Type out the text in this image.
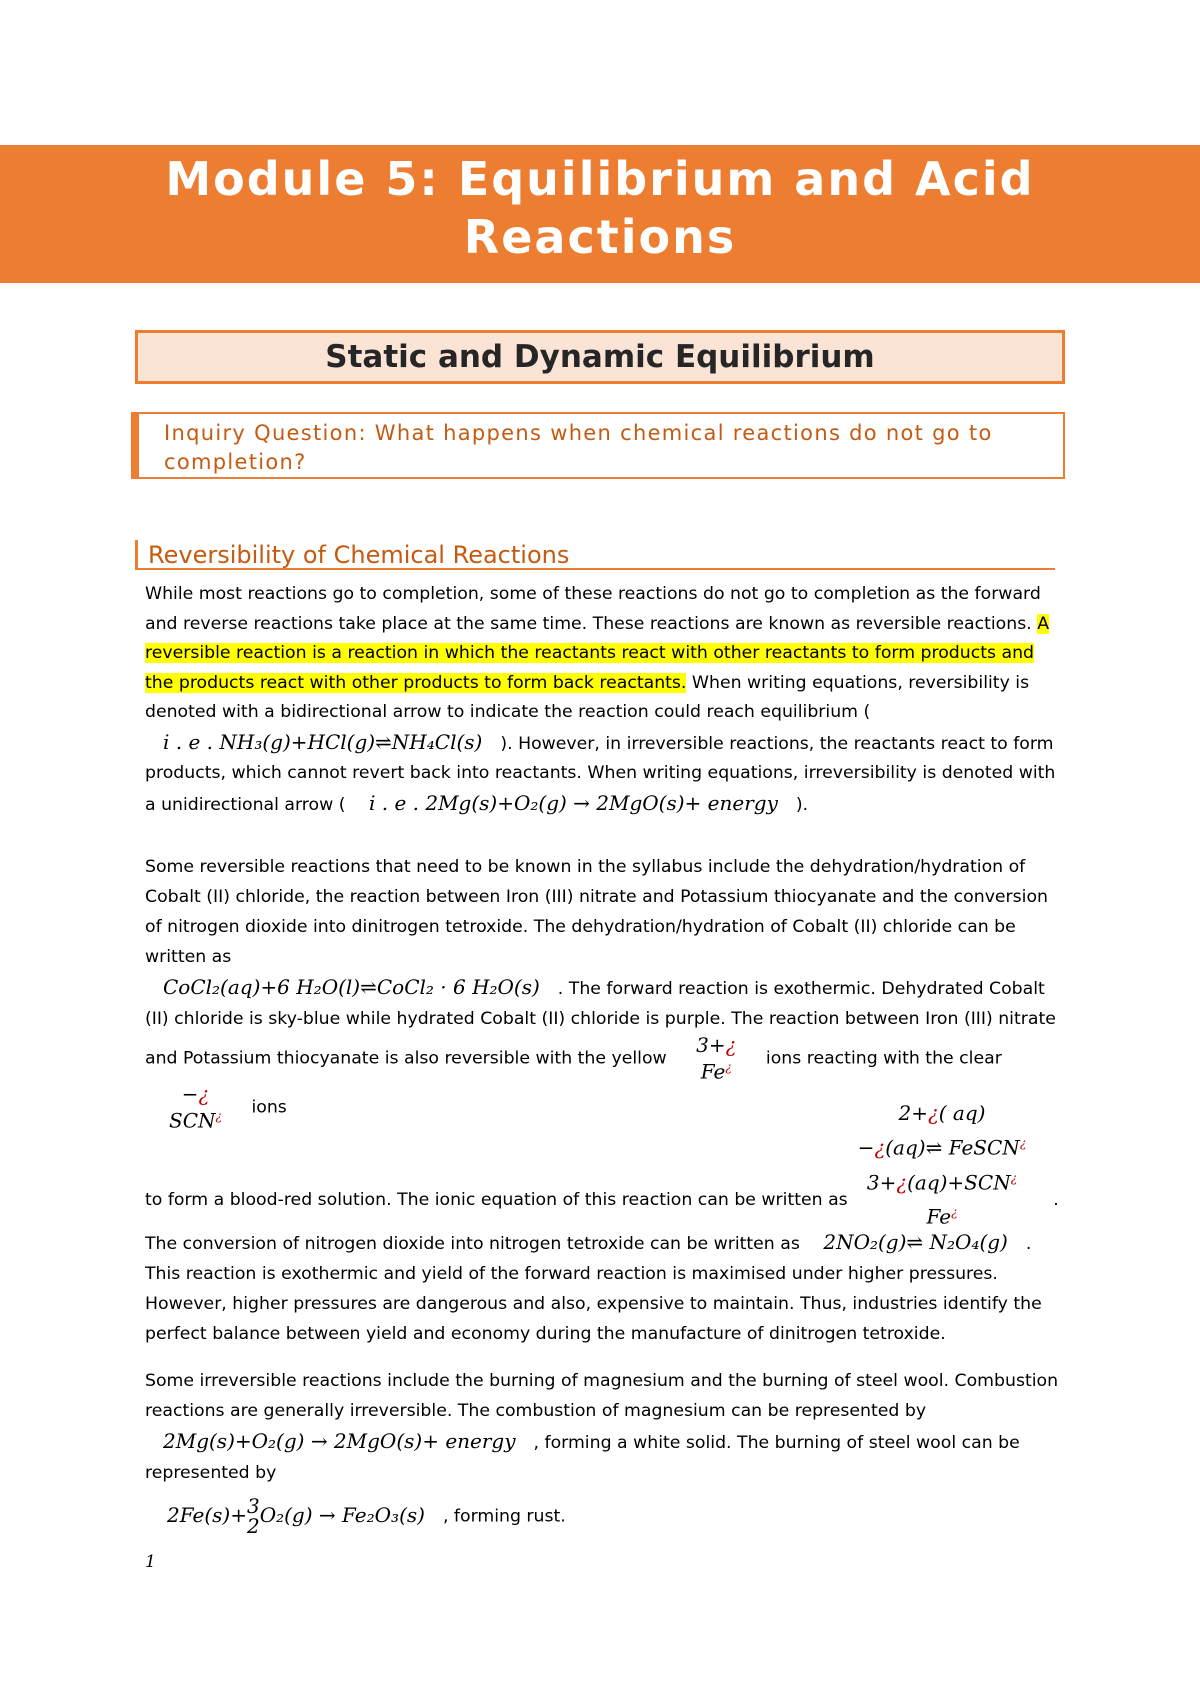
Module 5: Equilibrium and Acid
Reactions
Static and Dynamic Equilibrium
Inquiry Question: What happens when chemical reactions do not go to completion?
Reversibility of Chemical Reactions
While most reactions go to completion, some of these reactions do not go to completion as the forward and reverse reactions take place at the same time. These reactions are known as reversible reactions. A reversible reaction is a reaction in which the reactants react with other reactants to form products and the products react with other products to form back reactants. When writing equations, reversibility is denoted with a bidirectional arrow to indicate the reaction could reach equilibrium (
i . e . NH₃(g)+HCl(g)⇌NH₄Cl(s) ). However, in irreversible reactions, the reactants react to form products, which cannot revert back into reactants. When writing equations, irreversibility is denoted with a unidirectional arrow ( i . e . 2Mg(s)+O₂(g) → 2MgO(s)+ energy ).
Some reversible reactions that need to be known in the syllabus include the dehydration/hydration of Cobalt (II) chloride, the reaction between Iron (III) nitrate and Potassium thiocyanate and the conversion of nitrogen dioxide into dinitrogen tetroxide. The dehydration/hydration of Cobalt (II) chloride can be written as
CoCl₂(aq)+6 H₂O(l)⇌CoCl₂ · 6 H₂O(s) . The forward reaction is exothermic. Dehydrated Cobalt (II) chloride is sky-blue while hydrated Cobalt (II) chloride is purple. The reaction between Iron (III) nitrate and Potassium thiocyanate is also reversible with the yellow 3+¿
Fe¿ ions reacting with the clear −¿
SCN¿ ions

to form a blood-red solution. The ionic equation of this reaction can be written as	.

The conversion of nitrogen dioxide into nitrogen tetroxide can be written as 2NO₂(g)⇌ N₂O₄(g) . This reaction is exothermic and yield of the forward reaction is maximised under higher pressures. However, higher pressures are dangerous and also, expensive to maintain. Thus, industries identify the perfect balance between yield and economy during the manufacture of dinitrogen tetroxide.
2+¿( aq)
−¿(aq)⇌ FeSCN¿
3+¿(aq)+SCN¿
Fe¿
Some irreversible reactions include the burning of magnesium and the burning of steel wool. Combustion reactions are generally irreversible. The combustion of magnesium can be represented by
2Mg(s)+O₂(g) → 2MgO(s)+ energy , forming a white solid. The burning of steel wool can be represented by

2Fe(s)+3
2O₂(g) → Fe₂O₃(s) , forming rust.
1
